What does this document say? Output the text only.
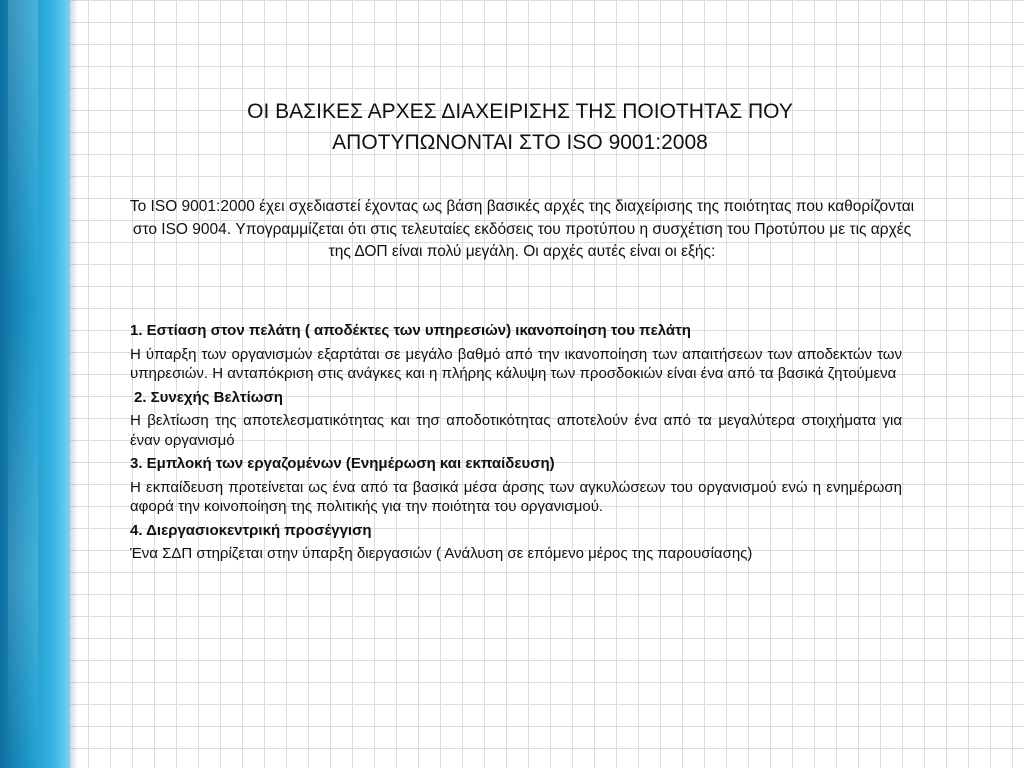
ΟΙ ΒΑΣΙΚΕΣ ΑΡΧΕΣ ΔΙΑΧΕΙΡΙΣΗΣ ΤΗΣ ΠΟΙΟΤΗΤΑΣ ΠΟΥ
ΑΠΟΤΥΠΩΝΟΝΤΑΙ ΣΤΟ ISO 9001:2008
Το ISO 9001:2000 έχει σχεδιαστεί έχοντας ως βάση βασικές αρχές της διαχείρισης της ποιότητας που καθορίζονται στο ISO 9004. Υπογραμμίζεται ότι στις τελευταίες εκδόσεις του προτύπου η συσχέτιση του Προτύπου με τις αρχές της ΔΟΠ είναι πολύ μεγάλη. Οι αρχές αυτές είναι οι εξής:
1. Εστίαση στον πελάτη ( αποδέκτες των υπηρεσιών) ικανοποίηση του πελάτη
Η ύπαρξη των οργανισμών εξαρτάται σε μεγάλο βαθμό από την ικανοποίηση των απαιτήσεων των αποδεκτών των υπηρεσιών. Η ανταπόκριση στις ανάγκες και η πλήρης κάλυψη των προσδοκιών είναι ένα από τα βασικά ζητούμενα
2. Συνεχής Βελτίωση
Η βελτίωση της αποτελεσματικότητας και τησ αποδοτικότητας αποτελούν ένα από τα μεγαλύτερα στοιχήματα για έναν οργανισμό
3. Εμπλοκή των εργαζομένων (Ενημέρωση και εκπαίδευση)
Η εκπαίδευση προτείνεται ως ένα από τα βασικά μέσα άρσης των αγκυλώσεων του οργανισμού ενώ η ενημέρωση αφορά την κοινοποίηση της πολιτικής για την ποιότητα του οργανισμού.
4. Διεργασιοκεντρική προσέγγιση
Ένα ΣΔΠ στηρίζεται στην ύπαρξη διεργασιών ( Ανάλυση σε επόμενο μέρος της παρουσίασης)
